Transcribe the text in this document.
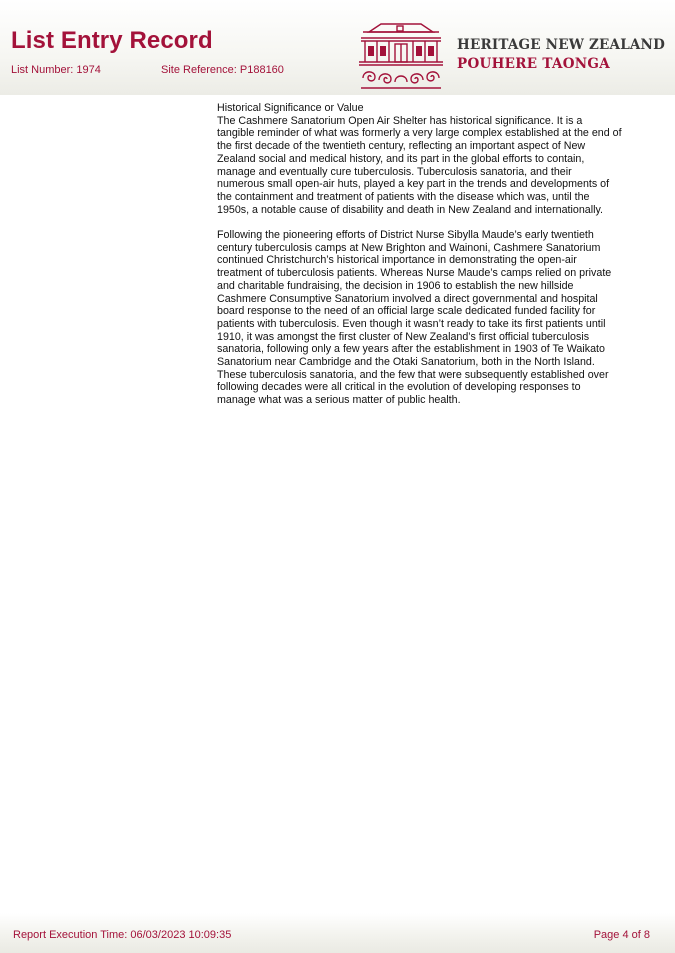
List Entry Record
List Number: 1974	Site Reference: P188160
HERITAGE NEW ZEALAND
POUHERE TAONGA

Historical Significance or Value

The Cashmere Sanatorium Open Air Shelter has historical significance. It is a tangible reminder of what was formerly a very large complex established at the end of the first decade of the twentieth century, reflecting an important aspect of New Zealand social and medical history, and its part in the global efforts to contain, manage and eventually cure tuberculosis. Tuberculosis sanatoria, and their numerous small open-air huts, played a key part in the trends and developments of the containment and treatment of patients with the disease which was, until the 1950s, a notable cause of disability and death in New Zealand and internationally.

Following the pioneering efforts of District Nurse Sibylla Maude’s early twentieth century tuberculosis camps at New Brighton and Wainoni, Cashmere Sanatorium continued Christchurch’s historical importance in demonstrating the open-air treatment of tuberculosis patients. Whereas Nurse Maude’s camps relied on private and charitable fundraising, the decision in 1906 to establish the new hillside Cashmere Consumptive Sanatorium involved a direct governmental and hospital board response to the need of an official large scale dedicated funded facility for patients with tuberculosis. Even though it wasn’t ready to take its first patients until 1910, it was amongst the first cluster of New Zealand’s first official tuberculosis sanatoria, following only a few years after the establishment in 1903 of Te Waikato Sanatorium near Cambridge and the Otaki Sanatorium, both in the North Island. These tuberculosis sanatoria, and the few that were subsequently established over following decades were all critical in the evolution of developing responses to manage what was a serious matter of public health.

Report Execution Time: 06/03/2023 10:09:35	Page 4 of 8
